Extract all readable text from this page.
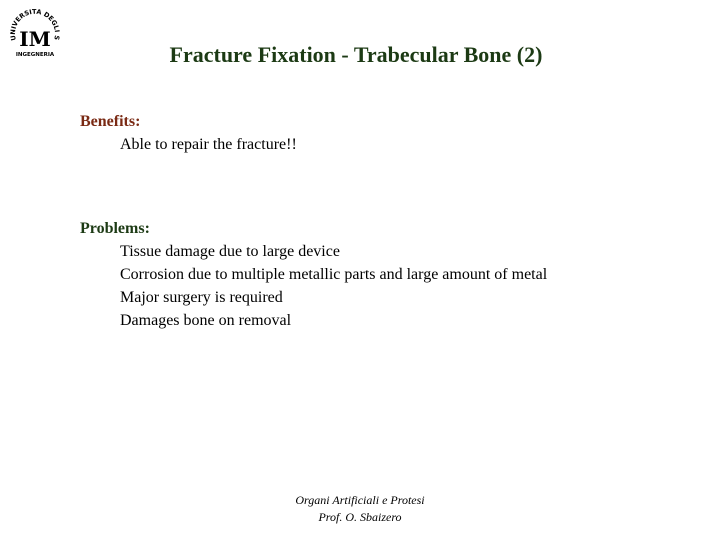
UNIVERSITA DEGLI S
IM
INGEGNERIA	Fracture Fixation - Trabecular Bone (2)
Benefits:
Able to repair the fracture!!
Problems:
Tissue damage due to large device
Corrosion due to multiple metallic parts and large amount of metal
Major surgery is required
Damages bone on removal
Organi Artificiali e Protesi
Prof. O. Sbaizero
